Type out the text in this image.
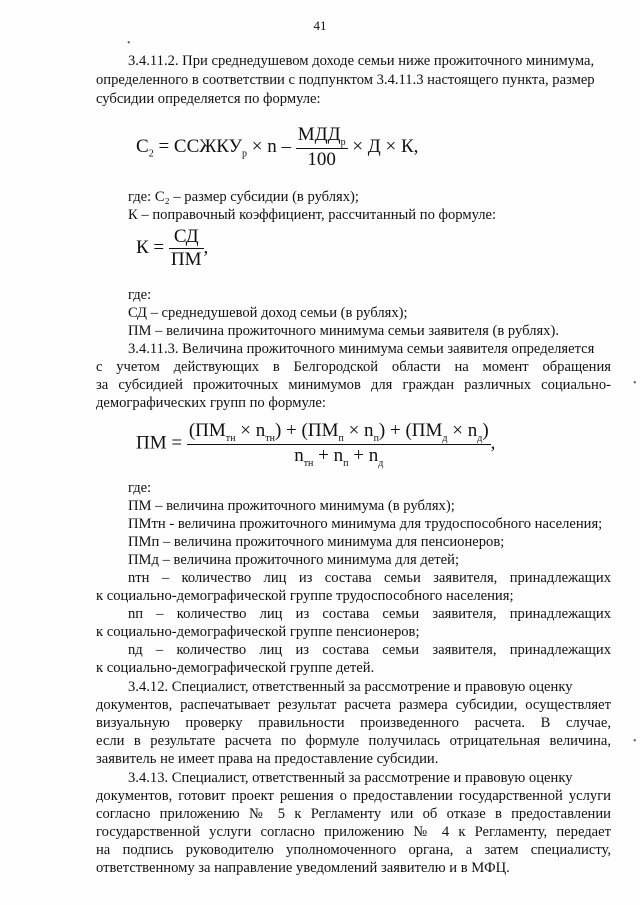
41
3.4.11.2. При среднедушевом доходе семьи ниже прожиточного минимума,
определенного в соответствии с подпунктом 3.4.11.3 настоящего пункта, размер
субсидии определяется по формуле:
$С_2$ = $ССЖКУ_р \times n - \frac{МДД_р}{100} \times Д \times К$,
где: С₂ – размер субсидии (в рублях);
К – поправочный коэффициент, рассчитанный по формуле:
$К = \frac{СД}{ПМ}$ ,
где:
СД – среднедушевой доход семьи (в рублях);
ПМ – величина прожиточного минимума семьи заявителя (в рублях).
3.4.11.3. Величина прожиточного минимума семьи заявителя определяется
с учетом действующих в Белгородской области на момент обращения
за субсидией прожиточных минимумов для граждан различных социально-
демографических групп по формуле:
ПМ = $\frac{(ПМ_{тн} \times n_{тн}) + (ПМ_п \times n_п) + (ПМ_д \times n_д)}{n_{тн} + n_п + n_д}$ ,
где:
ПМ – величина прожиточного минимума (в рублях);
ПМтн - величина прожиточного минимума для трудоспособного населения;
ПМп – величина прожиточного минимума для пенсионеров;
ПМд – величина прожиточного минимума для детей;
nтн – количество лиц из состава семьи заявителя, принадлежащих
к социально-демографической группе трудоспособного населения;
nп – количество лиц из состава семьи заявителя, принадлежащих
к социально-демографической группе пенсионеров;
nд – количество лиц из состава семьи заявителя, принадлежащих
к социально-демографической группе детей.
3.4.12. Специалист, ответственный за рассмотрение и правовую оценку
документов, распечатывает результат расчета размера субсидии, осуществляет
визуальную проверку правильности произведенного расчета. В случае,
если в результате расчета по формуле получилась отрицательная величина,
заявитель не имеет права на предоставление субсидии.
3.4.13. Специалист, ответственный за рассмотрение и правовую оценку
документов, готовит проект решения о предоставлении государственной услуги
согласно приложению № 5 к Регламенту или об отказе в предоставлении
государственной услуги согласно приложению № 4 к Регламенту, передает
на подпись руководителю уполномоченного органа, а затем специалисту,
ответственному за направление уведомлений заявителю и в МФЦ.
•
•
•
